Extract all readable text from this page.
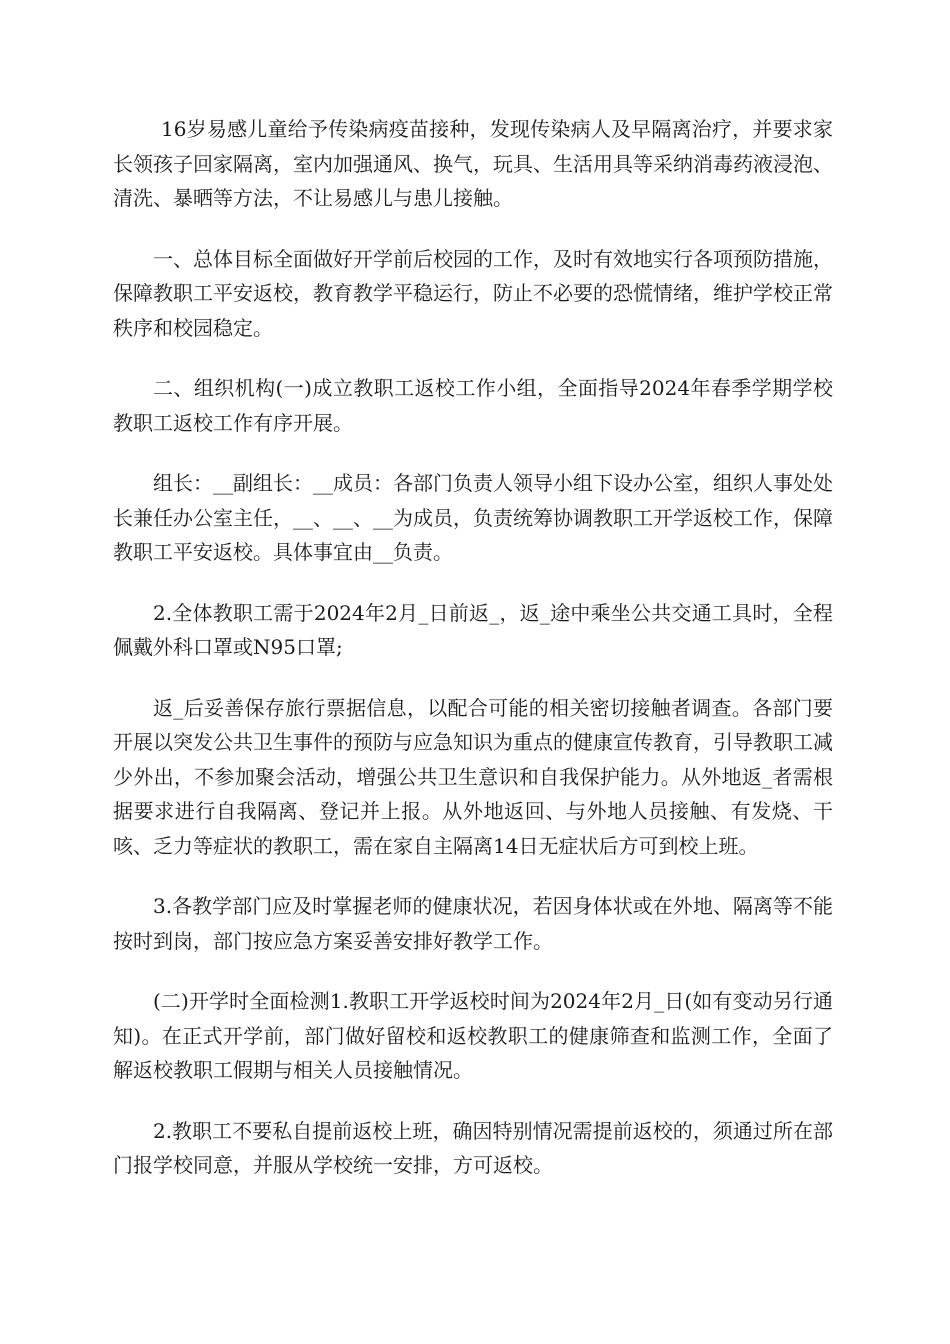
16岁易感儿童给予传染病疫苗接种，发现传染病人及早隔离治疗，并要求家长领孩子回家隔离，室内加强通风、换气，玩具、生活用具等采纳消毒药液浸泡、清洗、暴晒等方法，不让易感儿与患儿接触。

一、总体目标全面做好开学前后校园的工作，及时有效地实行各项预防措施，保障教职工平安返校，教育教学平稳运行，防止不必要的恐慌情绪，维护学校正常秩序和校园稳定。

二、组织机构(一)成立教职工返校工作小组，全面指导2024年春季学期学校教职工返校工作有序开展。

组长：__副组长：__成员：各部门负责人领导小组下设办公室，组织人事处处长兼任办公室主任，__、__、__为成员，负责统筹协调教职工开学返校工作，保障教职工平安返校。具体事宜由__负责。

2.全体教职工需于2024年2月_日前返_，返_途中乘坐公共交通工具时，全程佩戴外科口罩或N95口罩;

返_后妥善保存旅行票据信息，以配合可能的相关密切接触者调查。各部门要开展以突发公共卫生事件的预防与应急知识为重点的健康宣传教育，引导教职工减少外出，不参加聚会活动，增强公共卫生意识和自我保护能力。从外地返_者需根据要求进行自我隔离、登记并上报。从外地返回、与外地人员接触、有发烧、干咳、乏力等症状的教职工，需在家自主隔离14日无症状后方可到校上班。

3.各教学部门应及时掌握老师的健康状况，若因身体状或在外地、隔离等不能按时到岗，部门按应急方案妥善安排好教学工作。

(二)开学时全面检测1.教职工开学返校时间为2024年2月_日(如有变动另行通知)。在正式开学前，部门做好留校和返校教职工的健康筛查和监测工作，全面了解返校教职工假期与相关人员接触情况。

2.教职工不要私自提前返校上班，确因特别情况需提前返校的，须通过所在部门报学校同意，并服从学校统一安排，方可返校。
